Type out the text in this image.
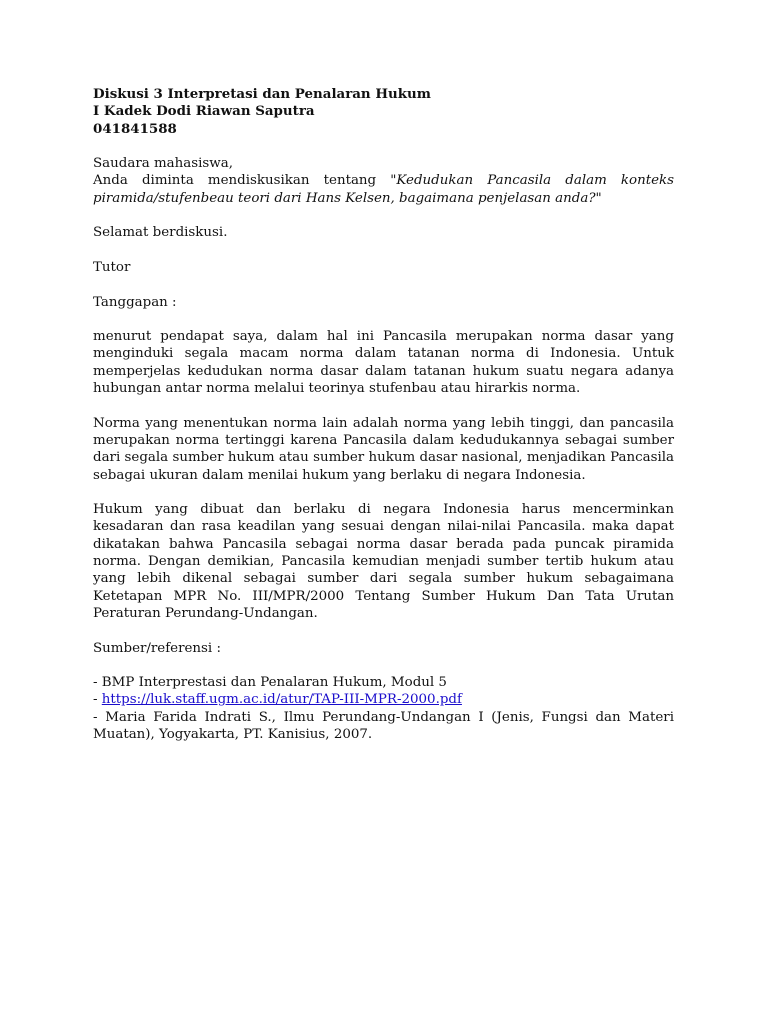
Diskusi 3 Interpretasi dan Penalaran Hukum

I Kadek Dodi Riawan Saputra

041841588

Saudara mahasiswa,

Anda diminta mendiskusikan tentang "Kedudukan Pancasila dalam konteks piramida/stufenbeau teori dari Hans Kelsen, bagaimana penjelasan anda?"

Selamat berdiskusi.

Tutor

Tanggapan :

menurut pendapat saya, dalam hal ini Pancasila merupakan norma dasar yang menginduki segala macam norma dalam tatanan norma di Indonesia. Untuk memperjelas kedudukan norma dasar dalam tatanan hukum suatu negara adanya hubungan antar norma melalui teorinya stufenbau atau hirarkis norma.

Norma yang menentukan norma lain adalah norma yang lebih tinggi, dan pancasila merupakan norma tertinggi karena Pancasila dalam kedudukannya sebagai sumber dari segala sumber hukum atau sumber hukum dasar nasional, menjadikan Pancasila sebagai ukuran dalam menilai hukum yang berlaku di negara Indonesia.

Hukum yang dibuat dan berlaku di negara Indonesia harus mencerminkan kesadaran dan rasa keadilan yang sesuai dengan nilai-nilai Pancasila. maka dapat dikatakan bahwa Pancasila sebagai norma dasar berada pada puncak piramida norma. Dengan demikian, Pancasila kemudian menjadi sumber tertib hukum atau yang lebih dikenal sebagai sumber dari segala sumber hukum sebagaimana Ketetapan MPR No. III/MPR/2000 Tentang Sumber Hukum Dan Tata Urutan Peraturan Perundang-Undangan.

Sumber/referensi :

- BMP Interprestasi dan Penalaran Hukum, Modul 5

- https://luk.staff.ugm.ac.id/atur/TAP-III-MPR-2000.pdf

- Maria Farida Indrati S., Ilmu Perundang-Undangan I (Jenis, Fungsi dan Materi Muatan), Yogyakarta, PT. Kanisius, 2007.
